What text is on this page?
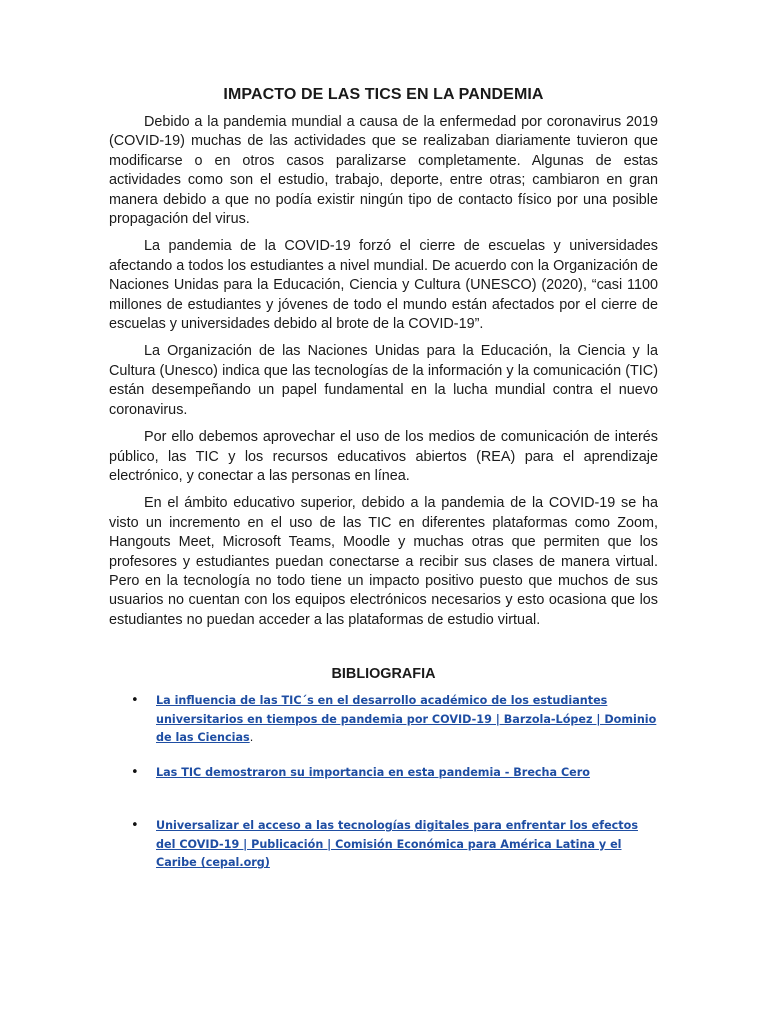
IMPACTO DE LAS TICS EN LA PANDEMIA

Debido a la pandemia mundial a causa de la enfermedad por coronavirus 2019 (COVID-19) muchas de las actividades que se realizaban diariamente tuvieron que modificarse o en otros casos paralizarse completamente. Algunas de estas actividades como son el estudio, trabajo, deporte, entre otras; cambiaron en gran manera debido a que no podía existir ningún tipo de contacto físico por una posible propagación del virus.

La pandemia de la COVID-19 forzó el cierre de escuelas y universidades afectando a todos los estudiantes a nivel mundial. De acuerdo con la Organización de Naciones Unidas para la Educación, Ciencia y Cultura (UNESCO) (2020), “casi 1100 millones de estudiantes y jóvenes de todo el mundo están afectados por el cierre de escuelas y universidades debido al brote de la COVID-19”.

La Organización de las Naciones Unidas para la Educación, la Ciencia y la Cultura (Unesco) indica que las tecnologías de la información y la comunicación (TIC) están desempeñando un papel fundamental en la lucha mundial contra el nuevo coronavirus.

Por ello debemos aprovechar el uso de los medios de comunicación de interés público, las TIC y los recursos educativos abiertos (REA) para el aprendizaje electrónico, y conectar a las personas en línea.

En el ámbito educativo superior, debido a la pandemia de la COVID-19 se ha visto un incremento en el uso de las TIC en diferentes plataformas como Zoom, Hangouts Meet, Microsoft Teams, Moodle y muchas otras que permiten que los profesores y estudiantes puedan conectarse a recibir sus clases de manera virtual. Pero en la tecnología no todo tiene un impacto positivo puesto que muchos de sus usuarios no cuentan con los equipos electrónicos necesarios y esto ocasiona que los estudiantes no puedan acceder a las plataformas de estudio virtual.

BIBLIOGRAFIA
• La influencia de las TIC´s en el desarrollo académico de los estudiantes universitarios en tiempos de pandemia por COVID-19 | Barzola-López | Dominio de las Ciencias.
• Las TIC demostraron su importancia en esta pandemia - Brecha Cero
• Universalizar el acceso a las tecnologías digitales para enfrentar los efectos del COVID-19 | Publicación | Comisión Económica para América Latina y el Caribe (cepal.org)
